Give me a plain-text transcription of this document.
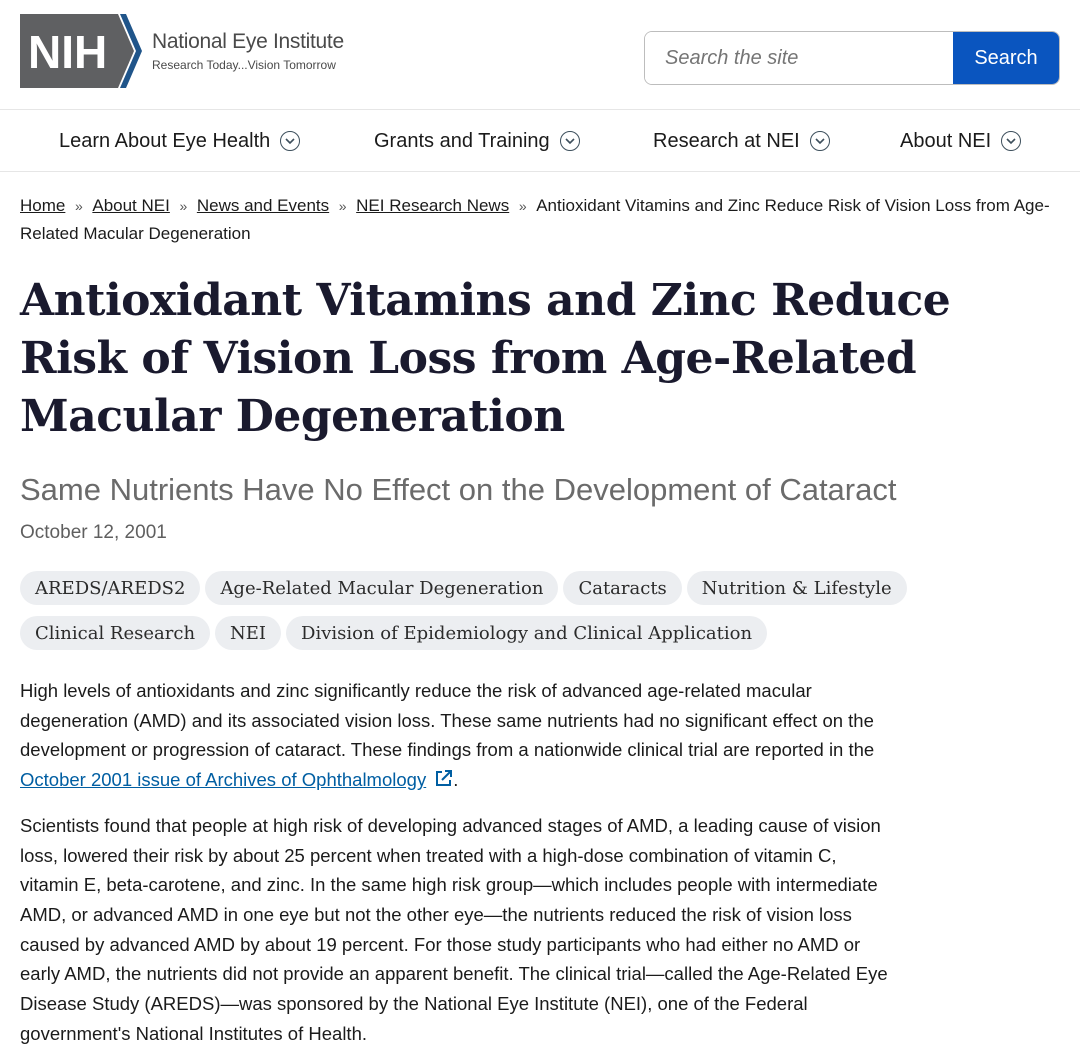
NIH National Eye Institute
Research Today...Vision Tomorrow
Search the site	Search
Learn About Eye Health	Grants and Training	Research at NEI	About NEI
Home » About NEI » News and Events » NEI Research News » Antioxidant Vitamins and Zinc Reduce Risk of Vision Loss from Age-Related Macular Degeneration
Antioxidant Vitamins and Zinc Reduce Risk of Vision Loss from Age-Related Macular Degeneration
Same Nutrients Have No Effect on the Development of Cataract
October 12, 2001
AREDS/AREDS2	Age-Related Macular Degeneration	Cataracts	Nutrition & Lifestyle
Clinical Research	NEI	Division of Epidemiology and Clinical Application

High levels of antioxidants and zinc significantly reduce the risk of advanced age-related macular degeneration (AMD) and its associated vision loss. These same nutrients had no significant effect on the development or progression of cataract. These findings from a nationwide clinical trial are reported in the October 2001 issue of Archives of Ophthalmology .

Scientists found that people at high risk of developing advanced stages of AMD, a leading cause of vision loss, lowered their risk by about 25 percent when treated with a high-dose combination of vitamin C, vitamin E, beta-carotene, and zinc. In the same high risk group—which includes people with intermediate AMD, or advanced AMD in one eye but not the other eye—the nutrients reduced the risk of vision loss caused by advanced AMD by about 19 percent. For those study participants who had either no AMD or early AMD, the nutrients did not provide an apparent benefit. The clinical trial—called the Age-Related Eye Disease Study (AREDS)—was sponsored by the National Eye Institute (NEI), one of the Federal government's National Institutes of Health.
